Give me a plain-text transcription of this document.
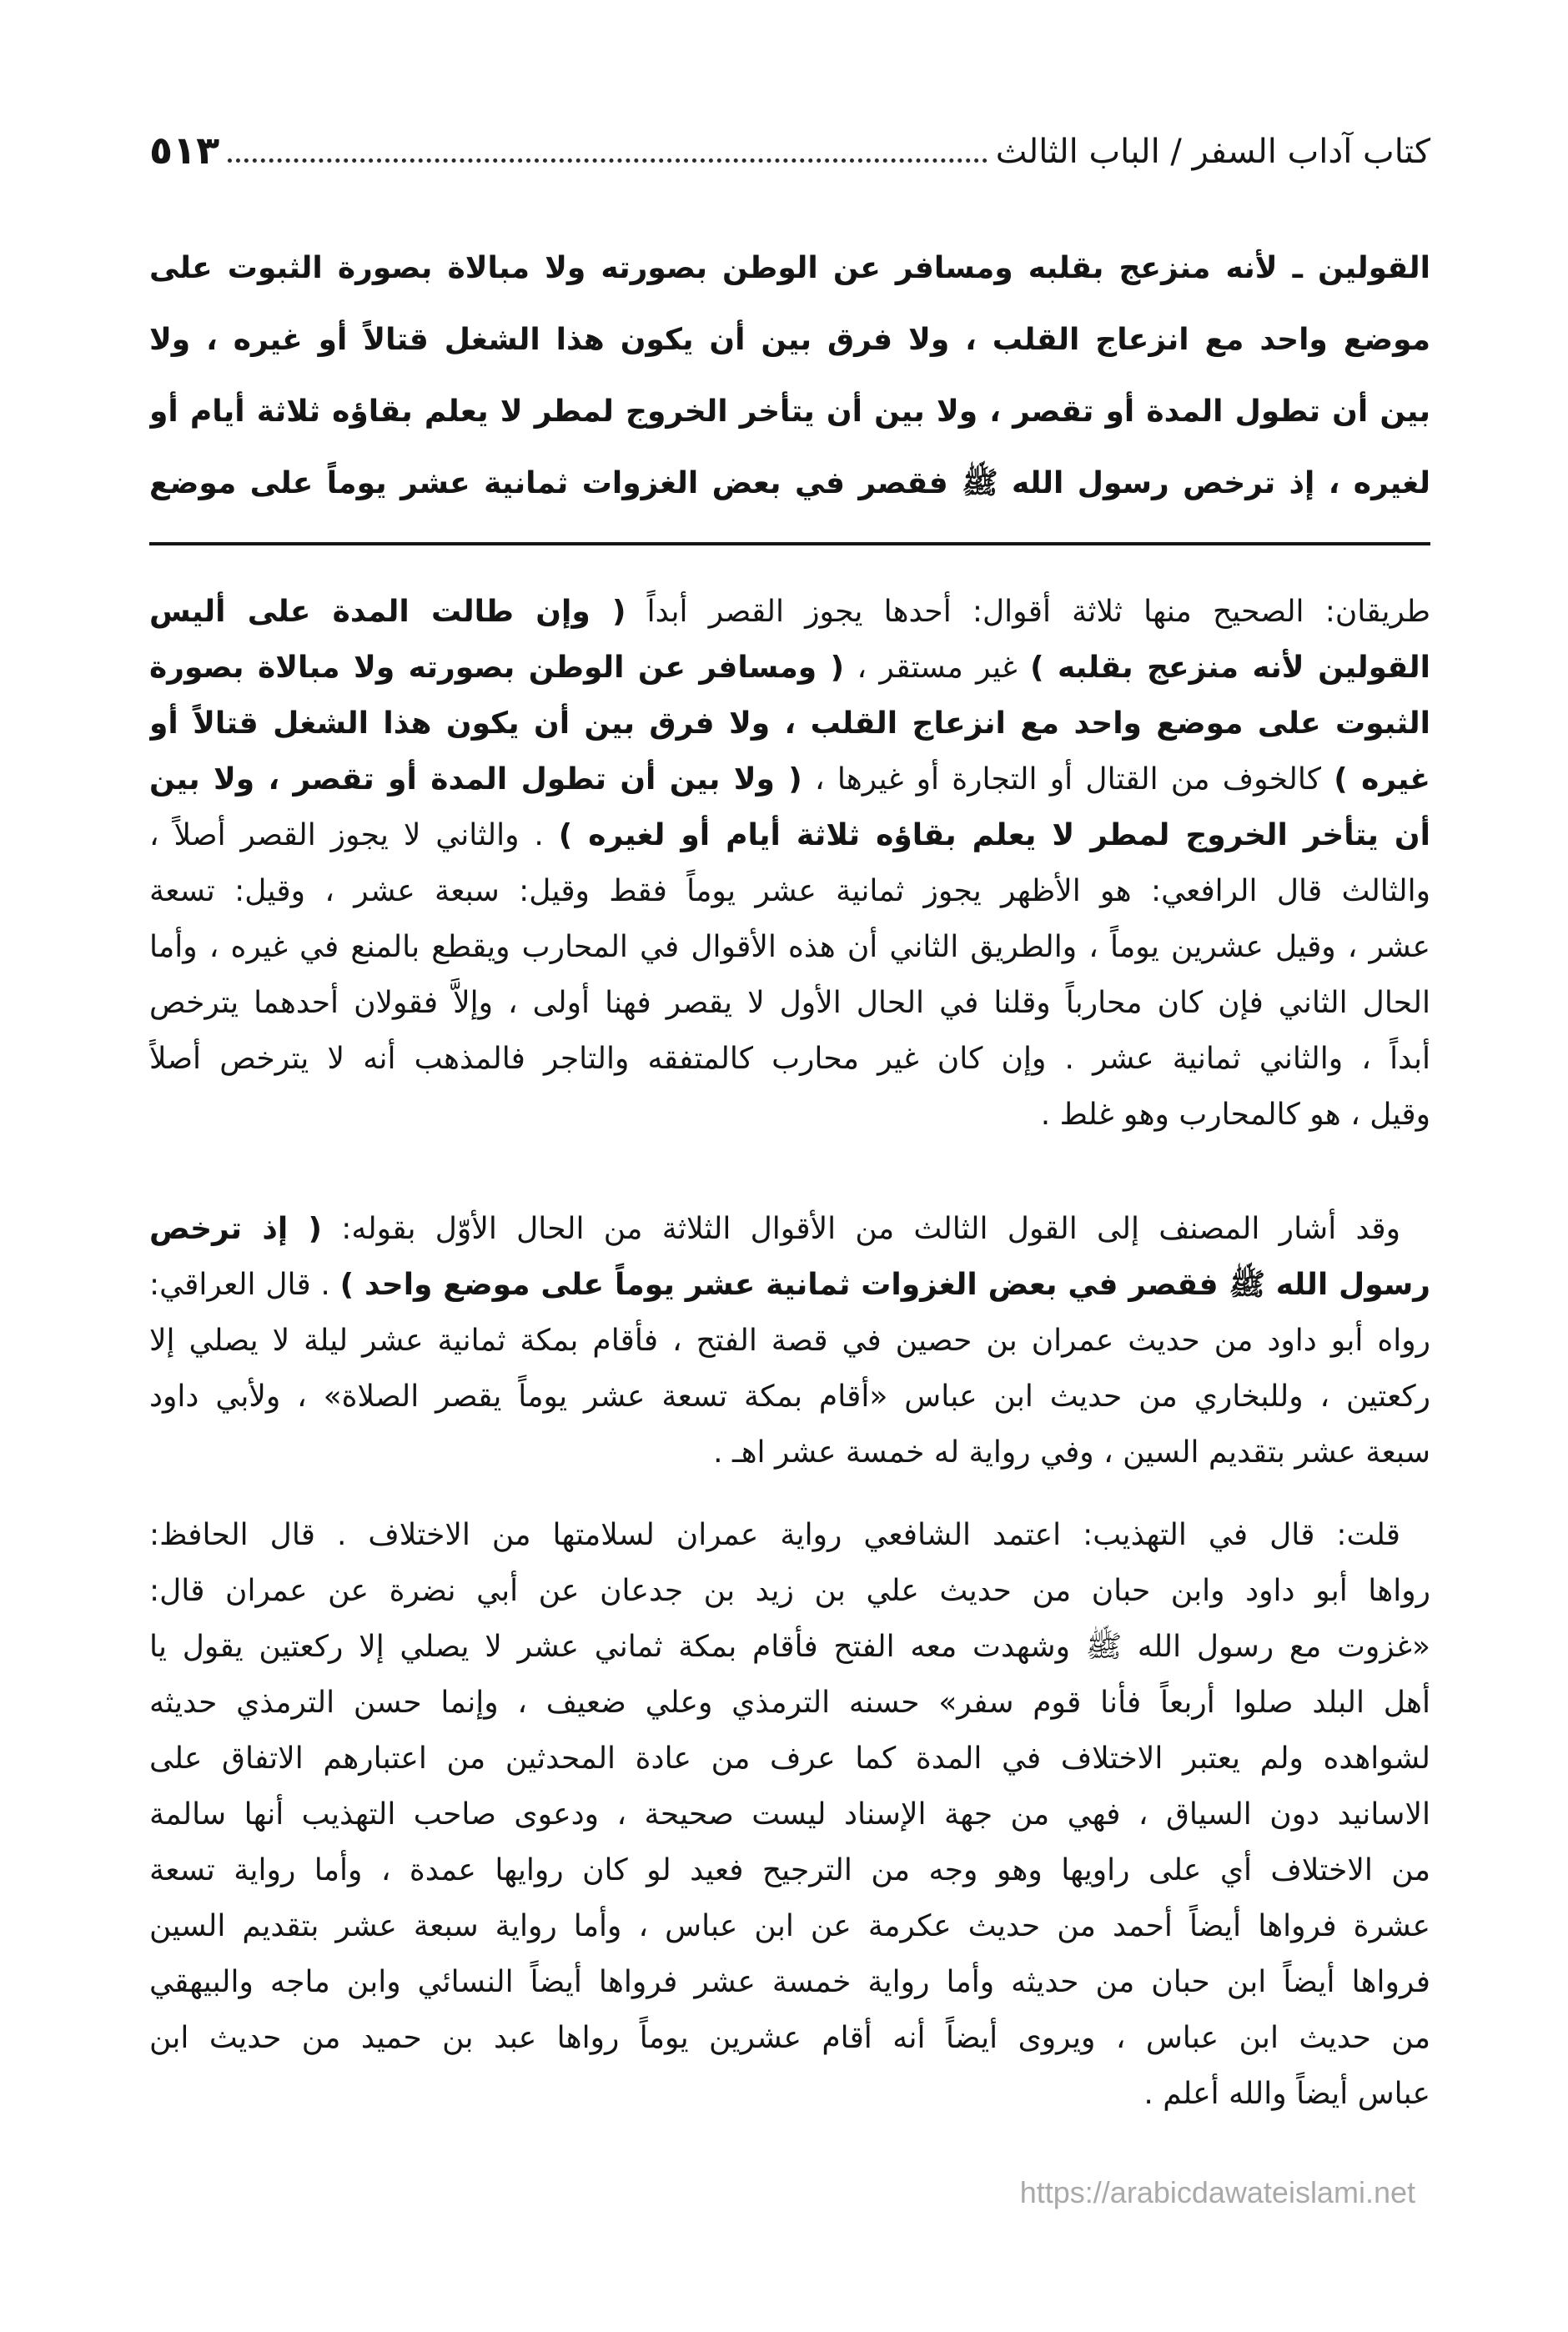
كتاب آداب السفر / الباب الثالث
٥١٣
القولين ـ لأنه منزعج بقلبه ومسافر عن الوطن بصورته ولا مبالاة بصورة الثبوت على
موضع واحد مع انزعاج القلب ، ولا فرق بين أن يكون هذا الشغل قتالاً أو غيره ، ولا
بين أن تطول المدة أو تقصر ، ولا بين أن يتأخر الخروج لمطر لا يعلم بقاؤه ثلاثة أيام أو
لغيره ، إذ ترخص رسول الله ﷺ فقصر في بعض الغزوات ثمانية عشر يوماً على موضع
طريقان: الصحيح منها ثلاثة أقوال: أحدها يجوز القصر أبداً ( وإن طالت المدة على أليس
القولين لأنه منزعج بقلبه ) غير مستقر ، ( ومسافر عن الوطن بصورته ولا مبالاة بصورة
الثبوت على موضع واحد مع انزعاج القلب ، ولا فرق بين أن يكون هذا الشغل قتالاً أو
غيره ) كالخوف من القتال أو التجارة أو غيرها ، ( ولا بين أن تطول المدة أو تقصر ، ولا بين
أن يتأخر الخروج لمطر لا يعلم بقاؤه ثلاثة أيام أو لغيره ) . والثاني لا يجوز القصر أصلاً ،
والثالث قال الرافعي: هو الأظهر يجوز ثمانية عشر يوماً فقط وقيل: سبعة عشر ، وقيل: تسعة
عشر ، وقيل عشرين يوماً ، والطريق الثاني أن هذه الأقوال في المحارب ويقطع بالمنع في غيره ، وأما
الحال الثاني فإن كان محارباً وقلنا في الحال الأول لا يقصر فهنا أولى ، وإلاَّ فقولان أحدهما يترخص
أبداً ، والثاني ثمانية عشر . وإن كان غير محارب كالمتفقه والتاجر فالمذهب أنه لا يترخص أصلاً
وقيل ، هو كالمحارب وهو غلط .
وقد أشار المصنف إلى القول الثالث من الأقوال الثلاثة من الحال الأوّل بقوله: ( إذ ترخص
رسول الله ﷺ فقصر في بعض الغزوات ثمانية عشر يوماً على موضع واحد ) . قال العراقي:
رواه أبو داود من حديث عمران بن حصين في قصة الفتح ، فأقام بمكة ثمانية عشر ليلة لا يصلي إلا
ركعتين ، وللبخاري من حديث ابن عباس «أقام بمكة تسعة عشر يوماً يقصر الصلاة» ، ولأبي داود
سبعة عشر بتقديم السين ، وفي رواية له خمسة عشر اهـ .
قلت: قال في التهذيب: اعتمد الشافعي رواية عمران لسلامتها من الاختلاف . قال الحافظ:
رواها أبو داود وابن حبان من حديث علي بن زيد بن جدعان عن أبي نضرة عن عمران قال:
«غزوت مع رسول الله ﷺ وشهدت معه الفتح فأقام بمكة ثماني عشر لا يصلي إلا ركعتين يقول يا
أهل البلد صلوا أربعاً فأنا قوم سفر» حسنه الترمذي وعلي ضعيف ، وإنما حسن الترمذي حديثه
لشواهده ولم يعتبر الاختلاف في المدة كما عرف من عادة المحدثين من اعتبارهم الاتفاق على
الاسانيد دون السياق ، فهي من جهة الإسناد ليست صحيحة ، ودعوى صاحب التهذيب أنها سالمة
من الاختلاف أي على راويها وهو وجه من الترجيح فعيد لو كان روايها عمدة ، وأما رواية تسعة
عشرة فرواها أيضاً أحمد من حديث عكرمة عن ابن عباس ، وأما رواية سبعة عشر بتقديم السين
فرواها أيضاً ابن حبان من حديثه وأما رواية خمسة عشر فرواها أيضاً النسائي وابن ماجه والبيهقي
من حديث ابن عباس ، ويروى أيضاً أنه أقام عشرين يوماً رواها عبد بن حميد من حديث ابن
عباس أيضاً والله أعلم .
https://arabicdawateislami.net
